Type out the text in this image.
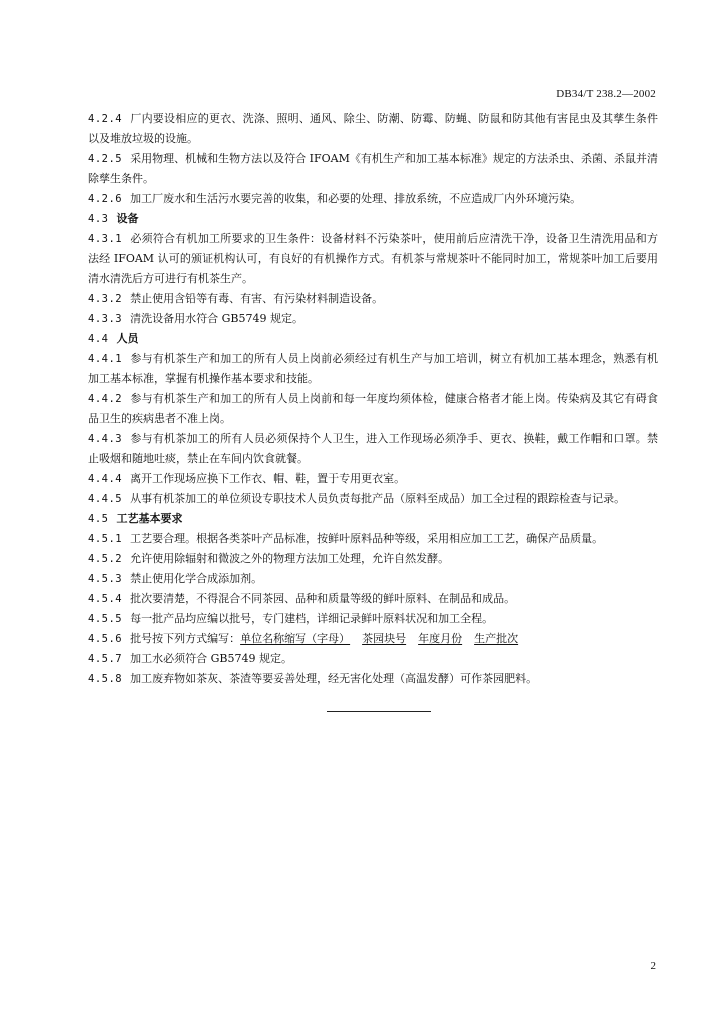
DB34/T 238.2—2002
4.2.4 厂内要设相应的更衣、洗涤、照明、通风、除尘、防潮、防霉、防蝇、防鼠和防其他有害昆虫及其孳生条件以及堆放垃圾的设施。
4.2.5 采用物理、机械和生物方法以及符合 IFOAM《有机生产和加工基本标准》规定的方法杀虫、杀菌、杀鼠并清除孳生条件。
4.2.6 加工厂废水和生活污水要完善的收集，和必要的处理、排放系统，不应造成厂内外环境污染。
4.3 设备
4.3.1 必须符合有机加工所要求的卫生条件：设备材料不污染茶叶，使用前后应清洗干净，设备卫生清洗用品和方法经 IFOAM 认可的颁证机构认可，有良好的有机操作方式。有机茶与常规茶叶不能同时加工，常规茶叶加工后要用清水清洗后方可进行有机茶生产。
4.3.2 禁止使用含铅等有毒、有害、有污染材料制造设备。
4.3.3 清洗设备用水符合 GB5749 规定。
4.4 人员
4.4.1 参与有机茶生产和加工的所有人员上岗前必须经过有机生产与加工培训，树立有机加工基本理念，熟悉有机加工基本标准，掌握有机操作基本要求和技能。
4.4.2 参与有机茶生产和加工的所有人员上岗前和每一年度均须体检，健康合格者才能上岗。传染病及其它有碍食品卫生的疾病患者不准上岗。
4.4.3 参与有机茶加工的所有人员必须保持个人卫生，进入工作现场必须净手、更衣、换鞋，戴工作帽和口罩。禁止吸烟和随地吐痰，禁止在车间内饮食就餐。
4.4.4 离开工作现场应换下工作衣、帽、鞋，置于专用更衣室。
4.4.5 从事有机茶加工的单位须设专职技术人员负责每批产品（原料至成品）加工全过程的跟踪检查与记录。
4.5 工艺基本要求
4.5.1 工艺要合理。根据各类茶叶产品标准，按鲜叶原料品种等级，采用相应加工工艺，确保产品质量。
4.5.2 允许使用除辐射和微波之外的物理方法加工处理，允许自然发酵。
4.5.3 禁止使用化学合成添加剂。
4.5.4 批次要清楚，不得混合不同茶园、品种和质量等级的鲜叶原料、在制品和成品。
4.5.5 每一批产品均应编以批号，专门建档，详细记录鲜叶原料状况和加工全程。
4.5.6 批号按下列方式编写：单位名称缩写（字母） 茶园块号 年度月份 生产批次
4.5.7 加工水必须符合 GB5749 规定。
4.5.8 加工废弃物如茶灰、茶渣等要妥善处理，经无害化处理（高温发酵）可作茶园肥料。
2
